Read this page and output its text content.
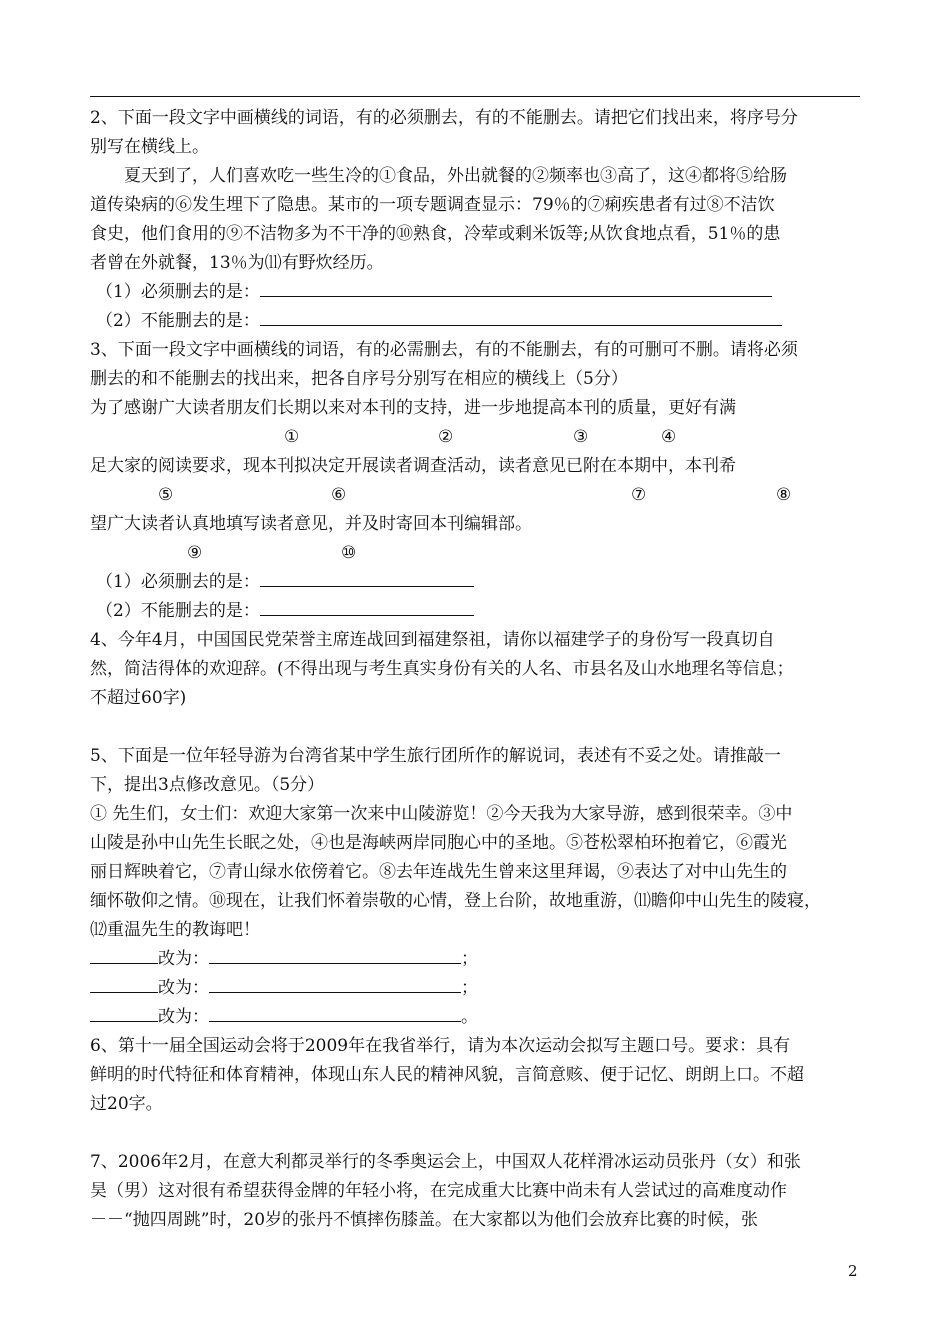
2、下面一段文字中画横线的词语，有的必须删去，有的不能删去。请把它们找出来，将序号分

别写在横线上。

夏天到了，人们喜欢吃一些生冷的①食品，外出就餐的②频率也③高了，这④都将⑤给肠

道传染病的⑥发生埋下了隐患。某市的一项专题调查显示：79％的⑦痢疾患者有过⑧不洁饮

食史，他们食用的⑨不洁物多为不干净的⑩熟食，冷荤或剩米饭等;从饮食地点看，51％的患

者曾在外就餐，13％为⑾有野炊经历。

（1）必须删去的是：

（2）不能删去的是：

3、下面一段文字中画横线的词语，有的必需删去，有的不能删去，有的可删可不删。请将必须

删去的和不能删去的找出来，把各自序号分别写在相应的横线上（5分）

为了感谢广大读者朋友们长期以来对本刊的支持，进一步地提高本刊的质量，更好有满

①	②	③	④

足大家的阅读要求，现本刊拟决定开展读者调查活动，读者意见已附在本期中，本刊希

⑤	⑥	⑦	⑧

望广大读者认真地填写读者意见，并及时寄回本刊编辑部。

⑨	⑩

（1）必须删去的是：

（2）不能删去的是：

4、今年4月，中国国民党荣誉主席连战回到福建祭祖，请你以福建学子的身份写一段真切自

然，简洁得体的欢迎辞。(不得出现与考生真实身份有关的人名、市县名及山水地理名等信息；

不超过60字)

5、下面是一位年轻导游为台湾省某中学生旅行团所作的解说词，表述有不妥之处。请推敲一

下，提出3点修改意见。（5分）

① 先生们，女士们：欢迎大家第一次来中山陵游览！②今天我为大家导游，感到很荣幸。③中

山陵是孙中山先生长眠之处，④也是海峡两岸同胞心中的圣地。⑤苍松翠柏环抱着它，⑥霞光

丽日辉映着它，⑦青山绿水依傍着它。⑧去年连战先生曾来这里拜谒，⑨表达了对中山先生的

缅怀敬仰之情。⑩现在，让我们怀着崇敬的心情，登上台阶，故地重游，⑾瞻仰中山先生的陵寝，

⑿重温先生的教诲吧！

改为：	；

改为：	；

改为：	。

6、第十一届全国运动会将于2009年在我省举行，请为本次运动会拟写主题口号。要求：具有

鲜明的时代特征和体育精神，体现山东人民的精神风貌，言简意赅、便于记忆、朗朗上口。不超

过20字。

7、2006年2月，在意大利都灵举行的冬季奥运会上，中国双人花样滑冰运动员张丹（女）和张

昊（男）这对很有希望获得金牌的年轻小将，在完成重大比赛中尚未有人尝试过的高难度动作

－－“抛四周跳”时，20岁的张丹不慎摔伤膝盖。在大家都以为他们会放弃比赛的时候，张

2
